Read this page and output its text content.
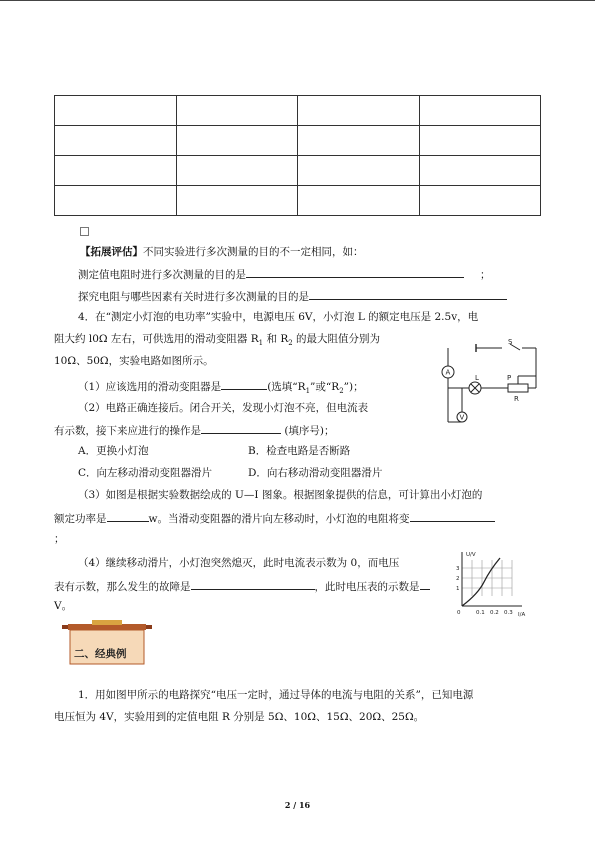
【拓展评估】不同实验进行多次测量的目的不一定相同，如：
测定值电阻时进行多次测量的目的是	；
探究电阻与哪些因素有关时进行多次测量的目的是
4．在“测定小灯泡的电功率”实验中，电源电压 6V，小灯泡 L 的额定电压是 2.5v，电
阻大约 l0Ω 左右，可供选用的滑动变阻器 $R_1$ 和 $R_2$ 的最大阻值分别为
10Ω、50Ω，实验电路如图所示。
（1）应该选用的滑动变阻器是	(选填“$R_1$”或“$R_2$”)；
（2）电路正确连接后。闭合开关，发现小灯泡不亮，但电流表
有示数，接下来应进行的操作是	(填序号)；
A．更换小灯泡	B．检查电路是否断路
C．向左移动滑动变阻器滑片	D．向右移动滑动变阻器滑片
（3）如图是根据实验数据绘成的 U—I 图象。根据图象提供的信息，可计算出小灯泡的
额定功率是	w。当滑动变阻器的滑片向左移动时，小灯泡的电阻将变
；
（4）继续移动滑片，小灯泡突然熄灭，此时电流表示数为 0，而电压
表有示数，那么发生的故障是	，此时电压表的示数是
V。
A
L
V
S
P
R
U/V
I/A
1
2
3
0	0.1 0.2 0.3
二、经典例
1．用如图甲所示的电路探究“电压一定时，通过导体的电流与电阻的关系”，已知电源
电压恒为 4V，实验用到的定值电阻 R 分别是 5Ω、10Ω、15Ω、20Ω、25Ω。
2 / 16
